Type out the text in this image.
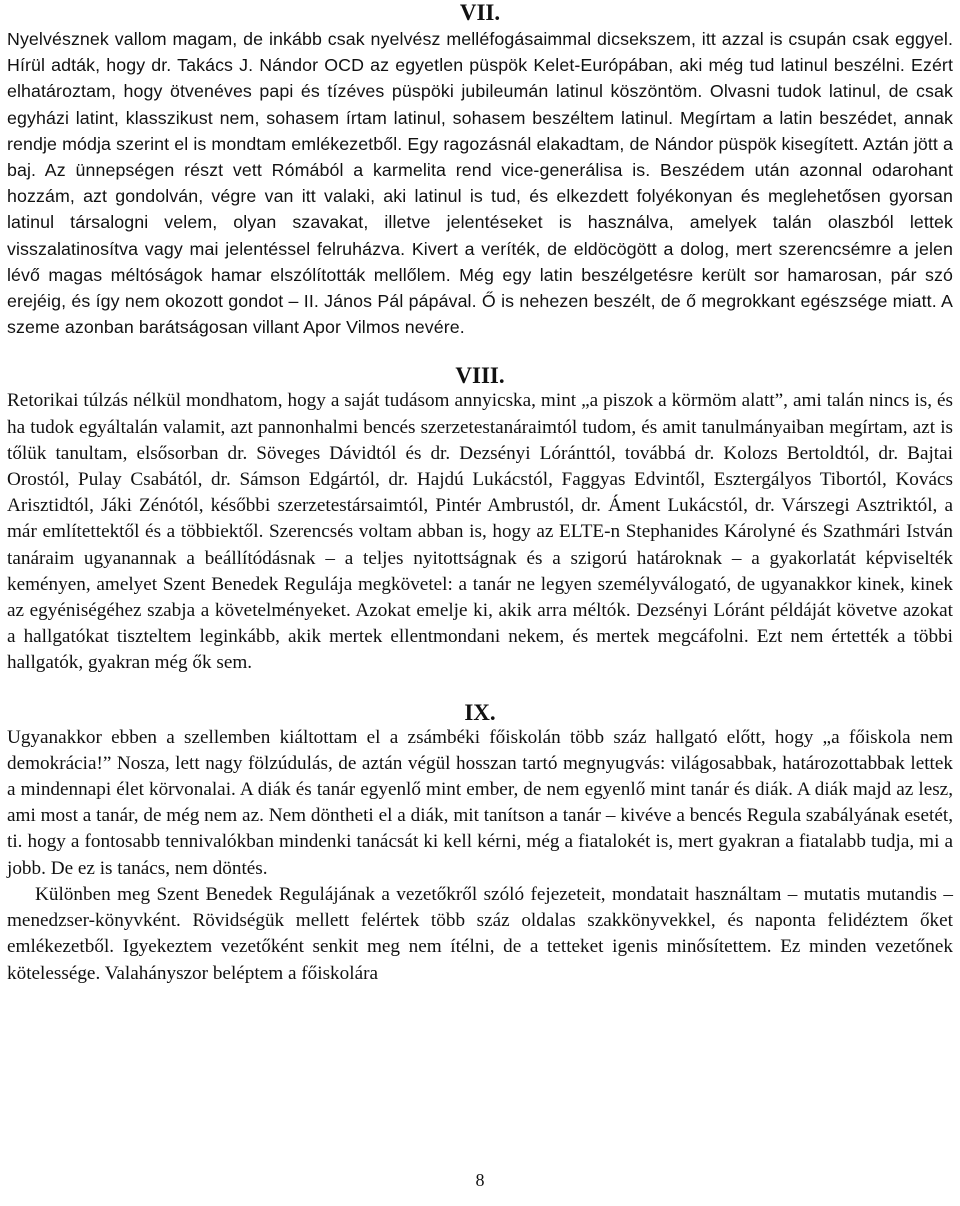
VII.

Nyelvésznek vallom magam, de inkább csak nyelvész melléfogásaimmal dicsekszem, itt azzal is csupán csak eggyel. Hírül adták, hogy dr. Takács J. Nándor OCD az egyetlen püspök Kelet-Európában, aki még tud latinul beszélni. Ezért elhatároztam, hogy ötvenéves papi és tízéves püspöki jubileumán latinul köszöntöm. Olvasni tudok latinul, de csak egyházi latint, klasszikust nem, sohasem írtam latinul, sohasem beszéltem latinul. Megírtam a latin beszédet, annak rendje módja szerint el is mondtam emlékezetből. Egy ragozásnál elakadtam, de Nándor püspök kisegített. Aztán jött a baj. Az ünnepségen részt vett Rómából a karmelita rend vice-generálisa is. Beszédem után azonnal odarohant hozzám, azt gondolván, végre van itt valaki, aki latinul is tud, és elkezdett folyékonyan és meglehetősen gyorsan latinul társalogni velem, olyan szavakat, illetve jelentéseket is használva, amelyek talán olaszból lettek visszalatinosítva vagy mai jelentéssel felruházva. Kivert a veríték, de eldöcögött a dolog, mert szerencsémre a jelen lévő magas méltóságok hamar elszólították mellőlem. Még egy latin beszélgetésre került sor hamarosan, pár szó erejéig, és így nem okozott gondot – II. János Pál pápával. Ő is nehezen beszélt, de ő megrokkant egészsége miatt. A szeme azonban barátságosan villant Apor Vilmos nevére.

VIII.

Retorikai túlzás nélkül mondhatom, hogy a saját tudásom annyicska, mint „a piszok a körmöm alatt”, ami talán nincs is, és ha tudok egyáltalán valamit, azt pannonhalmi bencés szerzetestanáraimtól tudom, és amit tanulmányaiban megírtam, azt is tőlük tanultam, elsősorban dr. Söveges Dávidtól és dr. Dezsényi Lóránttól, továbbá dr. Kolozs Bertoldtól, dr. Bajtai Orostól, Pulay Csabától, dr. Sámson Edgártól, dr. Hajdú Lukácstól, Faggyas Edvintől, Esztergályos Tibortól, Kovács Arisztidtól, Jáki Zénótól, későbbi szerzetestársaimtól, Pintér Ambrustól, dr. Áment Lukácstól, dr. Várszegi Asztriktól, a már említettektől és a többiektől. Szerencsés voltam abban is, hogy az ELTE-n Stephanides Károlyné és Szathmári István tanáraim ugyanannak a beállítódásnak – a teljes nyitottságnak és a szigorú határoknak – a gyakorlatát képviselték keményen, amelyet Szent Benedek Regulája megkövetel: a tanár ne legyen személyválogató, de ugyanakkor kinek, kinek az egyéniségéhez szabja a követelményeket. Azokat emelje ki, akik arra méltók. Dezsényi Lóránt példáját követve azokat a hallgatókat tiszteltem leginkább, akik mertek ellentmondani nekem, és mertek megcáfolni. Ezt nem értették a többi hallgatók, gyakran még ők sem.

IX.

Ugyanakkor ebben a szellemben kiáltottam el a zsámbéki főiskolán több száz hallgató előtt, hogy „a főiskola nem demokrácia!” Nosza, lett nagy fölzúdulás, de aztán végül hosszan tartó megnyugvás: világosabbak, határozottabbak lettek a mindennapi élet körvonalai. A diák és tanár egyenlő mint ember, de nem egyenlő mint tanár és diák. A diák majd az lesz, ami most a tanár, de még nem az. Nem döntheti el a diák, mit tanítson a tanár – kivéve a bencés Regula szabályának esetét, ti. hogy a fontosabb tennivalókban mindenki tanácsát ki kell kérni, még a fiatalokét is, mert gyakran a fiatalabb tudja, mi a jobb. De ez is tanács, nem döntés.

Különben meg Szent Benedek Regulájának a vezetőkről szóló fejezeteit, mondatait használtam – mutatis mutandis – menedzser-könyvként. Rövidségük mellett felértek több száz oldalas szakkönyvekkel, és naponta felidéztem őket emlékezetből. Igyekeztem vezetőként senkit meg nem ítélni, de a tetteket igenis minősítettem. Ez minden vezetőnek kötelessége. Valahányszor beléptem a főiskolára

8
